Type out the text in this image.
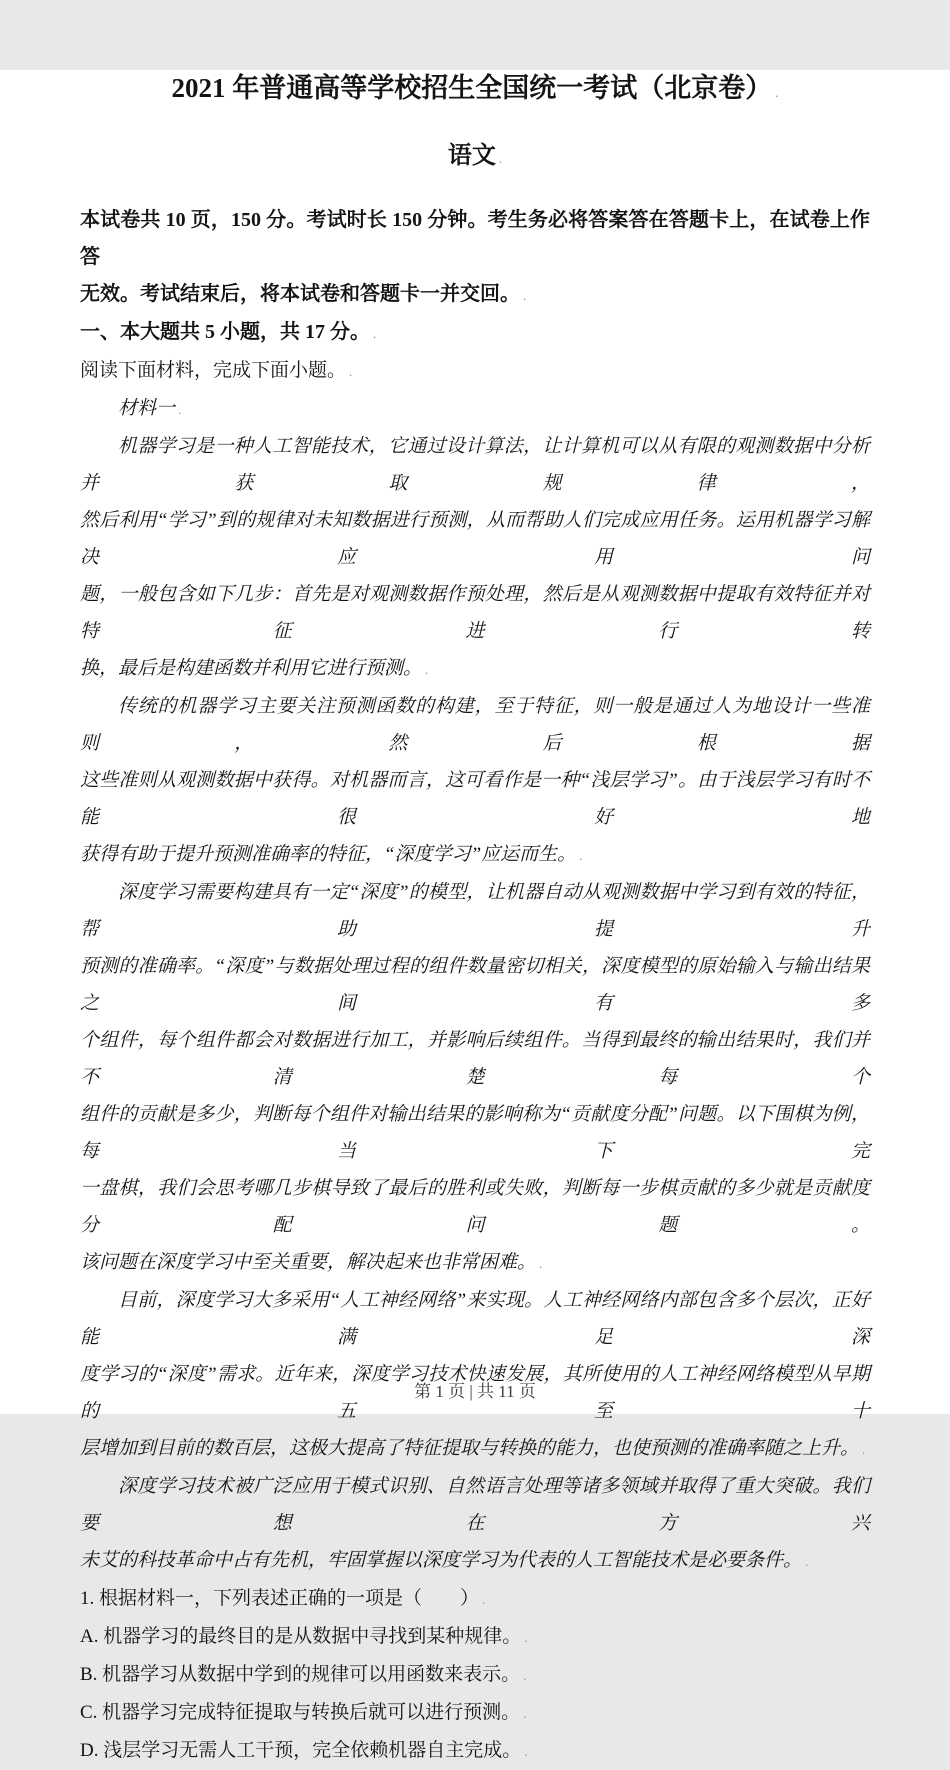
2021 年普通高等学校招生全国统一考试（北京卷） .
语文 .
本试卷共 10 页，150 分。考试时长 150 分钟。考生务必将答案答在答题卡上，在试卷上作答
无效。考试结束后，将本试卷和答题卡一并交回。 .
一、本大题共 5 小题，共 17 分。 .
阅读下面材料，完成下面小题。 .
材料一 .
机器学习是一种人工智能技术，它通过设计算法，让计算机可以从有限的观测数据中分析并获取规律，
然后利用“学习”到的规律对未知数据进行预测，从而帮助人们完成应用任务。运用机器学习解决应用问
题，一般包含如下几步：首先是对观测数据作预处理，然后是从观测数据中提取有效特征并对特征进行转
换，最后是构建函数并利用它进行预测。 .
传统的机器学习主要关注预测函数的构建，至于特征，则一般是通过人为地设计一些准则，然后根据
这些准则从观测数据中获得。对机器而言，这可看作是一种“浅层学习”。由于浅层学习有时不能很好地
获得有助于提升预测准确率的特征，“深度学习”应运而生。 .
深度学习需要构建具有一定“深度”的模型，让机器自动从观测数据中学习到有效的特征，帮助提升
预测的准确率。“深度”与数据处理过程的组件数量密切相关，深度模型的原始输入与输出结果之间有多
个组件，每个组件都会对数据进行加工，并影响后续组件。当得到最终的输出结果时，我们并不清楚每个
组件的贡献是多少，判断每个组件对输出结果的影响称为“贡献度分配”问题。以下围棋为例，每当下完
一盘棋，我们会思考哪几步棋导致了最后的胜利或失败，判断每一步棋贡献的多少就是贡献度分配问题。
该问题在深度学习中至关重要，解决起来也非常困难。 .
目前，深度学习大多采用“人工神经网络”来实现。人工神经网络内部包含多个层次，正好能满足深
度学习的“深度”需求。近年来，深度学习技术快速发展，其所使用的人工神经网络模型从早期的五至十
层增加到目前的数百层，这极大提高了特征提取与转换的能力，也使预测的准确率随之上升。 .
深度学习技术被广泛应用于模式识别、自然语言处理等诸多领域并取得了重大突破。我们要想在方兴
未艾的科技革命中占有先机，牢固掌握以深度学习为代表的人工智能技术是必要条件。 .
1. 根据材料一，下列表述正确的一项是（　　） .
A. 机器学习的最终目的是从数据中寻找到某种规律。 .
B. 机器学习从数据中学到的规律可以用函数来表示。 .
C. 机器学习完成特征提取与转换后就可以进行预测。 .
D. 浅层学习无需人工干预，完全依赖机器自主完成。 .
第 1 页 | 共 11 页
